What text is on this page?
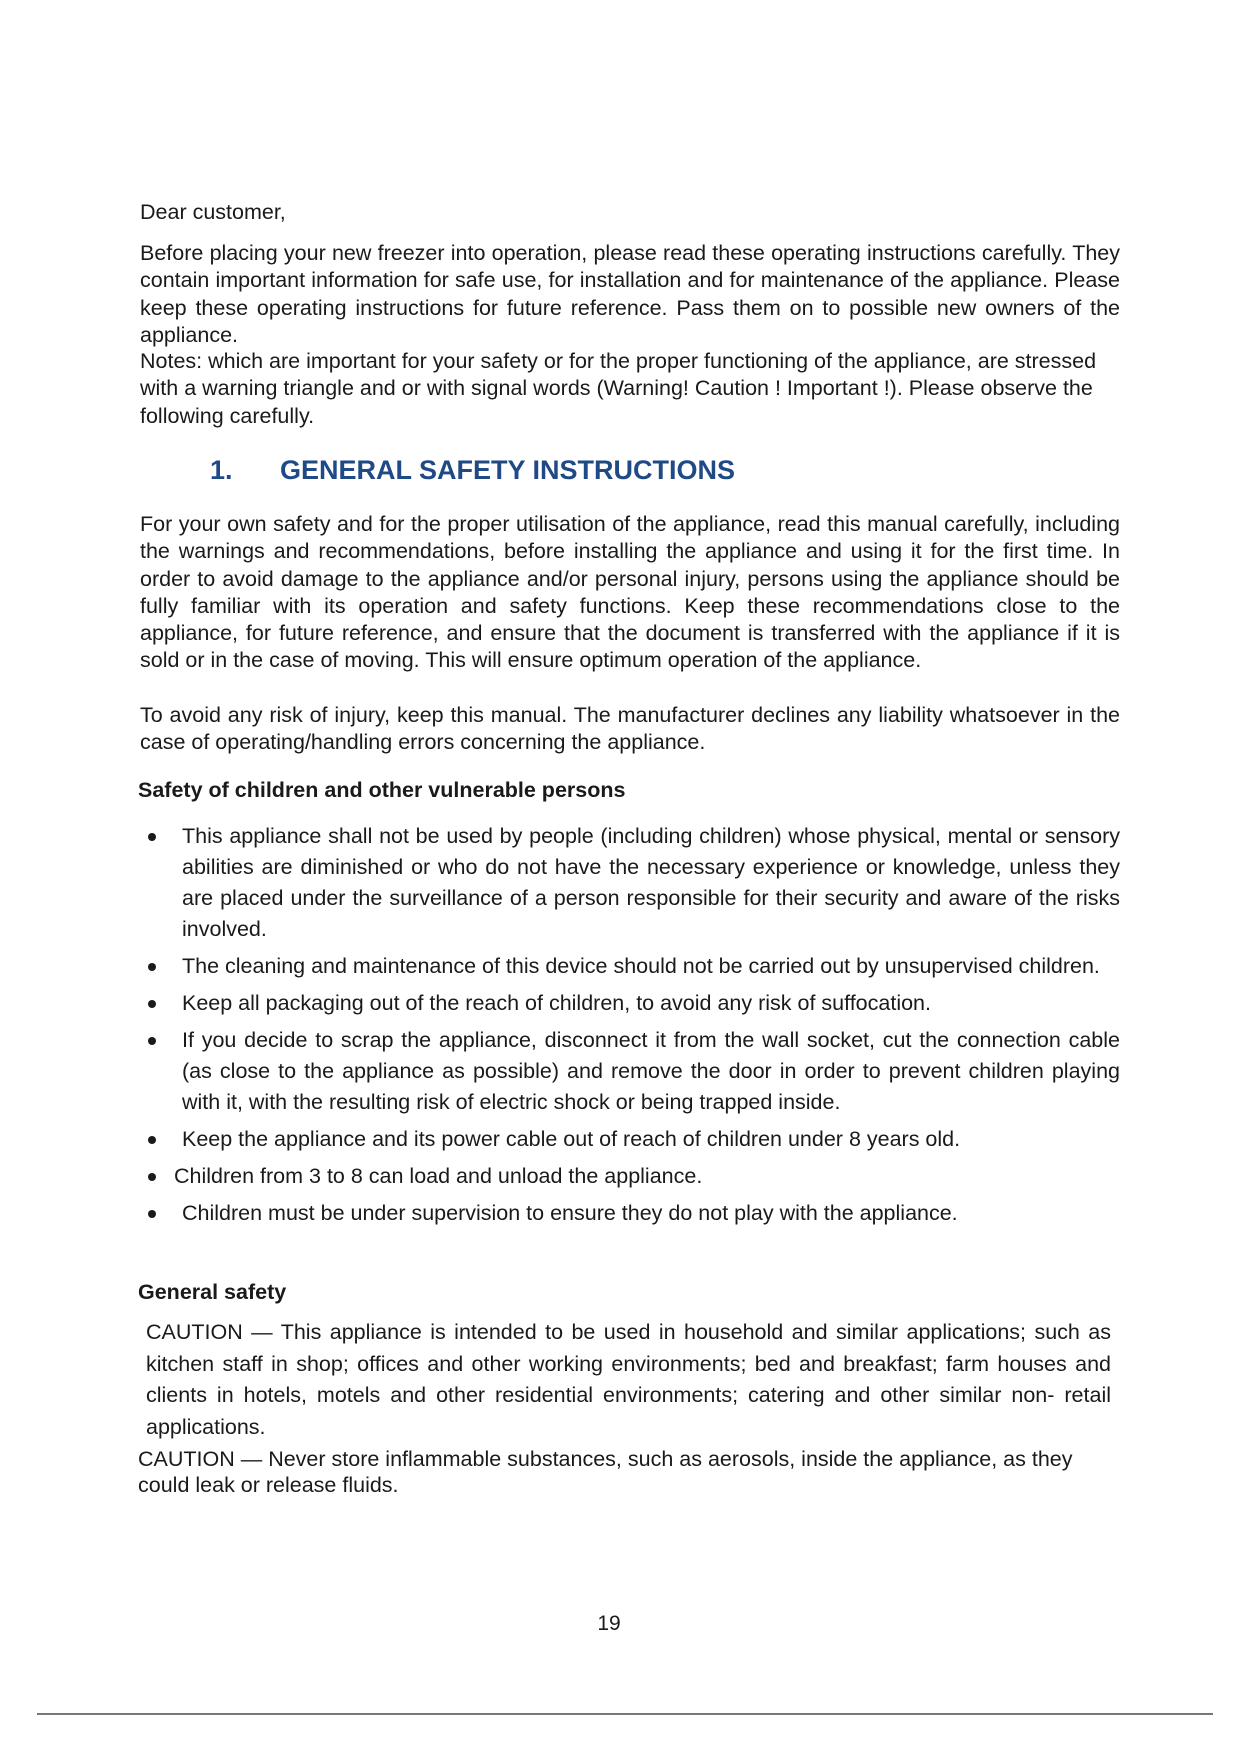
Dear customer,

Before placing your new freezer into operation, please read these operating instructions carefully. They contain important information for safe use, for installation and for maintenance of the appliance. Please keep these operating instructions for future reference. Pass them on to possible new owners of the appliance.

Notes: which are important for your safety or for the proper functioning of the appliance, are stressed with a warning triangle and or with signal words (Warning! Caution ! Important !). Please observe the following carefully.

1. GENERAL SAFETY INSTRUCTIONS

For your own safety and for the proper utilisation of the appliance, read this manual carefully, including the warnings and recommendations, before installing the appliance and using it for the first time. In order to avoid damage to the appliance and/or personal injury, persons using the appliance should be fully familiar with its operation and safety functions. Keep these recommendations close to the appliance, for future reference, and ensure that the document is transferred with the appliance if it is sold or in the case of moving. This will ensure optimum operation of the appliance.

To avoid any risk of injury, keep this manual. The manufacturer declines any liability whatsoever in the case of operating/handling errors concerning the appliance.

Safety of children and other vulnerable persons
This appliance shall not be used by people (including children) whose physical, mental or sensory abilities are diminished or who do not have the necessary experience or knowledge, unless they are placed under the surveillance of a person responsible for their security and aware of the risks involved.
The cleaning and maintenance of this device should not be carried out by unsupervised children.
Keep all packaging out of the reach of children, to avoid any risk of suffocation.
If you decide to scrap the appliance, disconnect it from the wall socket, cut the connection cable (as close to the appliance as possible) and remove the door in order to prevent children playing with it, with the resulting risk of electric shock or being trapped inside.
Keep the appliance and its power cable out of reach of children under 8 years old.
Children from 3 to 8 can load and unload the appliance.
Children must be under supervision to ensure they do not play with the appliance.
General safety

CAUTION — This appliance is intended to be used in household and similar applications; such as kitchen staff in shop; offices and other working environments; bed and breakfast; farm houses and clients in hotels, motels and other residential environments; catering and other similar non- retail applications.

CAUTION — Never store inflammable substances, such as aerosols, inside the appliance, as they could leak or release fluids.

19
